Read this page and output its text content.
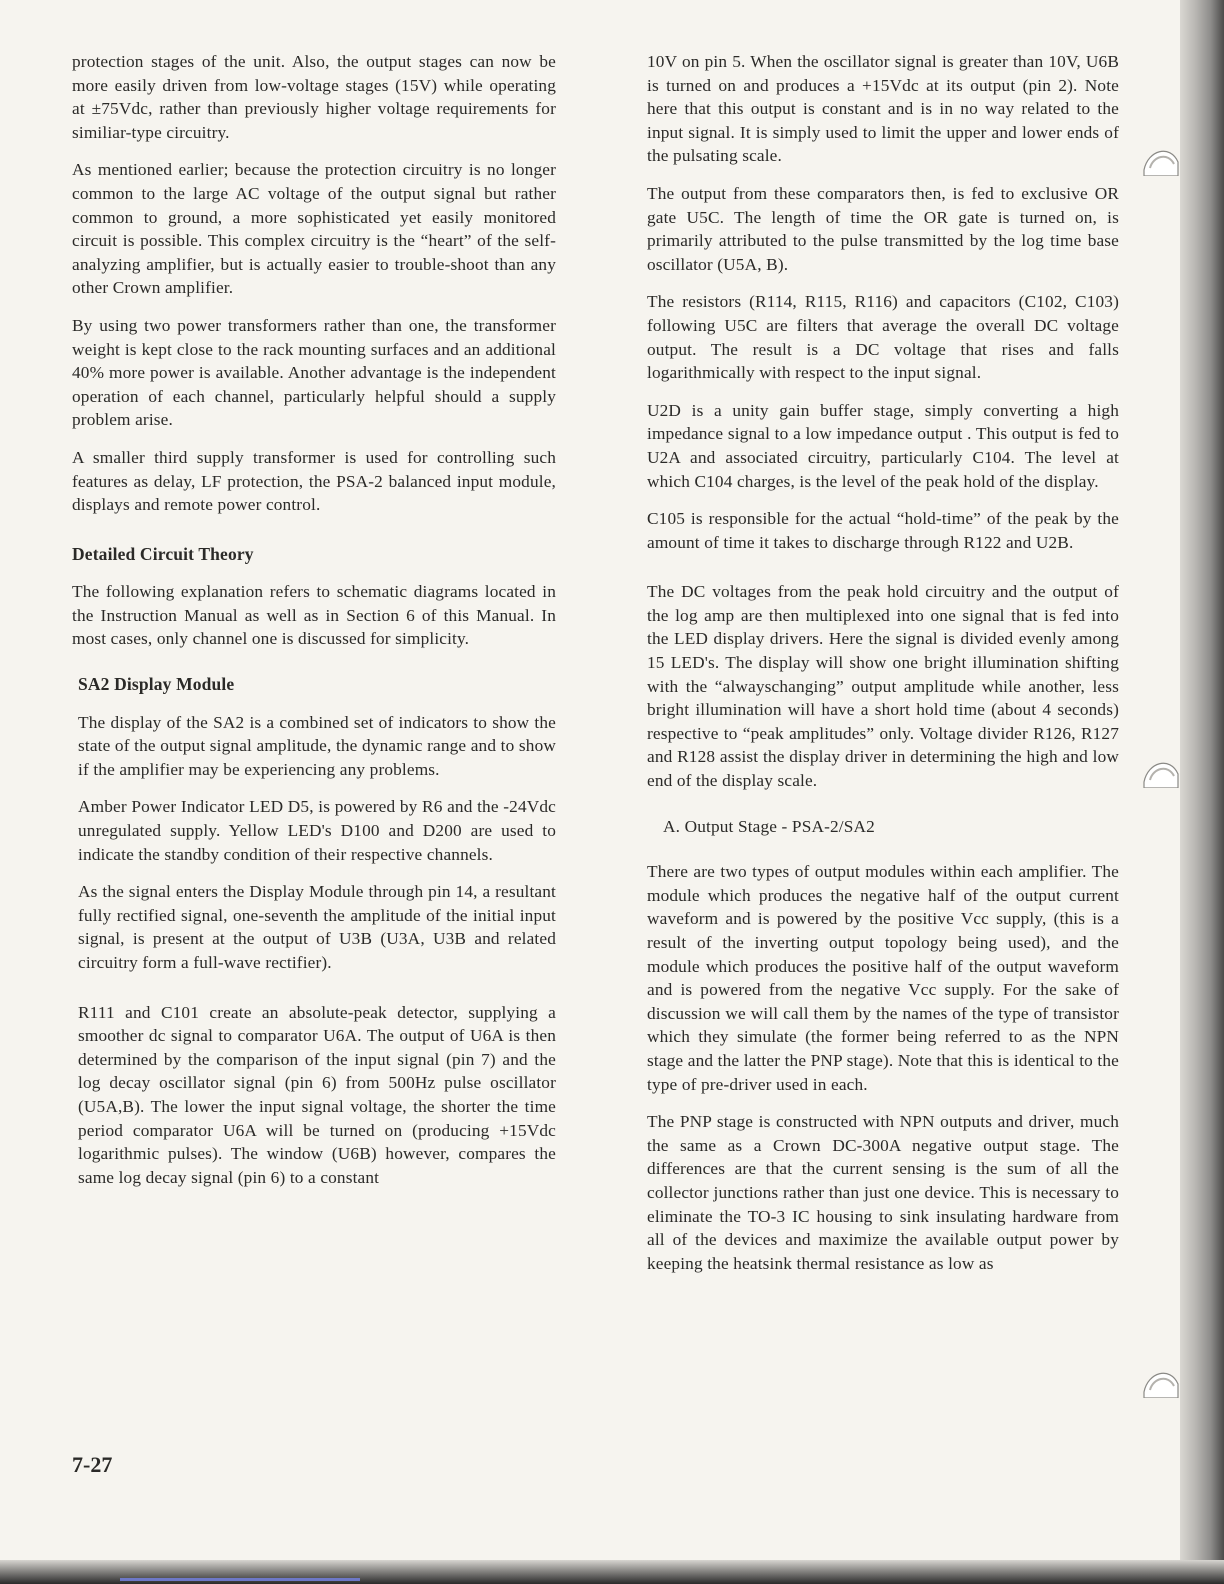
protection stages of the unit. Also, the output stages can now be more easily driven from low-voltage stages (15V) while operating at ±75Vdc, rather than previously higher voltage requirements for similiar-type circuitry.

As mentioned earlier; because the protection circuitry is no longer common to the large AC voltage of the output signal but rather common to ground, a more sophisticated yet easily monitored circuit is possible. This complex circuitry is the “heart” of the self-analyzing amplifier, but is actually easier to trouble-shoot than any other Crown amplifier.

By using two power transformers rather than one, the transformer weight is kept close to the rack mounting surfaces and an additional 40% more power is available. Another advantage is the independent operation of each channel, particularly helpful should a supply problem arise.

A smaller third supply transformer is used for controlling such features as delay, LF protection, the PSA-2 balanced input module, displays and remote power control.

Detailed Circuit Theory

The following explanation refers to schematic diagrams located in the Instruction Manual as well as in Section 6 of this Manual. In most cases, only channel one is discussed for simplicity.

SA2 Display Module

The display of the SA2 is a combined set of indicators to show the state of the output signal amplitude, the dynamic range and to show if the amplifier may be experiencing any problems.

Amber Power Indicator LED D5, is powered by R6 and the -24Vdc unregulated supply. Yellow LED's D100 and D200 are used to indicate the standby condition of their respective channels.

As the signal enters the Display Module through pin 14, a resultant fully rectified signal, one-seventh the amplitude of the initial input signal, is present at the output of U3B (U3A, U3B and related circuitry form a full-wave rectifier).

R111 and C101 create an absolute-peak detector, supplying a smoother dc signal to comparator U6A. The output of U6A is then determined by the comparison of the input signal (pin 7) and the log decay oscillator signal (pin 6) from 500Hz pulse oscillator (U5A,B). The lower the input signal voltage, the shorter the time period comparator U6A will be turned on (producing +15Vdc logarithmic pulses). The window (U6B) however, compares the same log decay signal (pin 6) to a constant

10V on pin 5. When the oscillator signal is greater than 10V, U6B is turned on and produces a +15Vdc at its output (pin 2). Note here that this output is constant and is in no way related to the input signal. It is simply used to limit the upper and lower ends of the pulsating scale.

The output from these comparators then, is fed to exclusive OR gate U5C. The length of time the OR gate is turned on, is primarily attributed to the pulse transmitted by the log time base oscillator (U5A, B).

The resistors (R114, R115, R116) and capacitors (C102, C103) following U5C are filters that average the overall DC voltage output. The result is a DC voltage that rises and falls logarithmically with respect to the input signal.

U2D is a unity gain buffer stage, simply converting a high impedance signal to a low impedance output . This output is fed to U2A and associated circuitry, particularly C104. The level at which C104 charges, is the level of the peak hold of the display.

C105 is responsible for the actual “hold-time” of the peak by the amount of time it takes to discharge through R122 and U2B.

The DC voltages from the peak hold circuitry and the output of the log amp are then multiplexed into one signal that is fed into the LED display drivers. Here the signal is divided evenly among 15 LED's. The display will show one bright illumination shifting with the “alwayschanging” output amplitude while another, less bright illumination will have a short hold time (about 4 seconds) respective to “peak amplitudes” only. Voltage divider R126, R127 and R128 assist the display driver in determining the high and low end of the display scale.

A. Output Stage - PSA-2/SA2

There are two types of output modules within each amplifier. The module which produces the negative half of the output current waveform and is powered by the positive Vcc supply, (this is a result of the inverting output topology being used), and the module which produces the positive half of the output waveform and is powered from the negative Vcc supply. For the sake of discussion we will call them by the names of the type of transistor which they simulate (the former being referred to as the NPN stage and the latter the PNP stage). Note that this is identical to the type of pre-driver used in each.

The PNP stage is constructed with NPN outputs and driver, much the same as a Crown DC-300A negative output stage. The differences are that the current sensing is the sum of all the collector junctions rather than just one device. This is necessary to eliminate the TO-3 IC housing to sink insulating hardware from all of the devices and maximize the available output power by keeping the heatsink thermal resistance as low as

7-27
